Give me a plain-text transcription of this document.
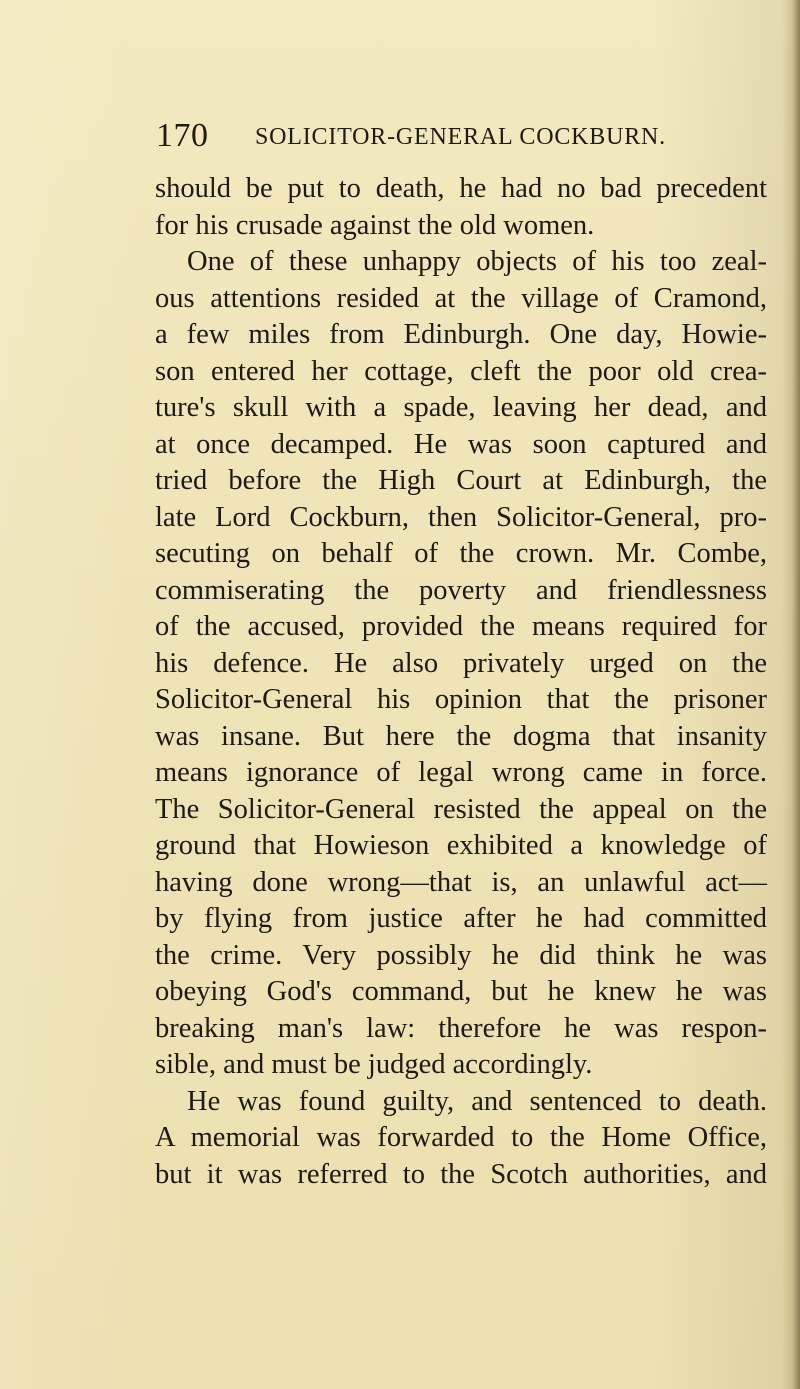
170 SOLICITOR-GENERAL COCKBURN.
should be put to death, he had no bad precedent
for his crusade against the old women.
One of these unhappy objects of his too zeal-
ous attentions resided at the village of Cramond,
a few miles from Edinburgh. One day, Howie-
son entered her cottage, cleft the poor old crea-
ture's skull with a spade, leaving her dead, and
at once decamped. He was soon captured and
tried before the High Court at Edinburgh, the
late Lord Cockburn, then Solicitor-General, pro-
secuting on behalf of the crown. Mr. Combe,
commiserating the poverty and friendlessness
of the accused, provided the means required for
his defence. He also privately urged on the
Solicitor-General his opinion that the prisoner
was insane. But here the dogma that insanity
means ignorance of legal wrong came in force.
The Solicitor-General resisted the appeal on the
ground that Howieson exhibited a knowledge of
having done wrong—that is, an unlawful act—
by flying from justice after he had committed
the crime. Very possibly he did think he was
obeying God's command, but he knew he was
breaking man's law: therefore he was respon-
sible, and must be judged accordingly.
He was found guilty, and sentenced to death.
A memorial was forwarded to the Home Office,
but it was referred to the Scotch authorities, and
